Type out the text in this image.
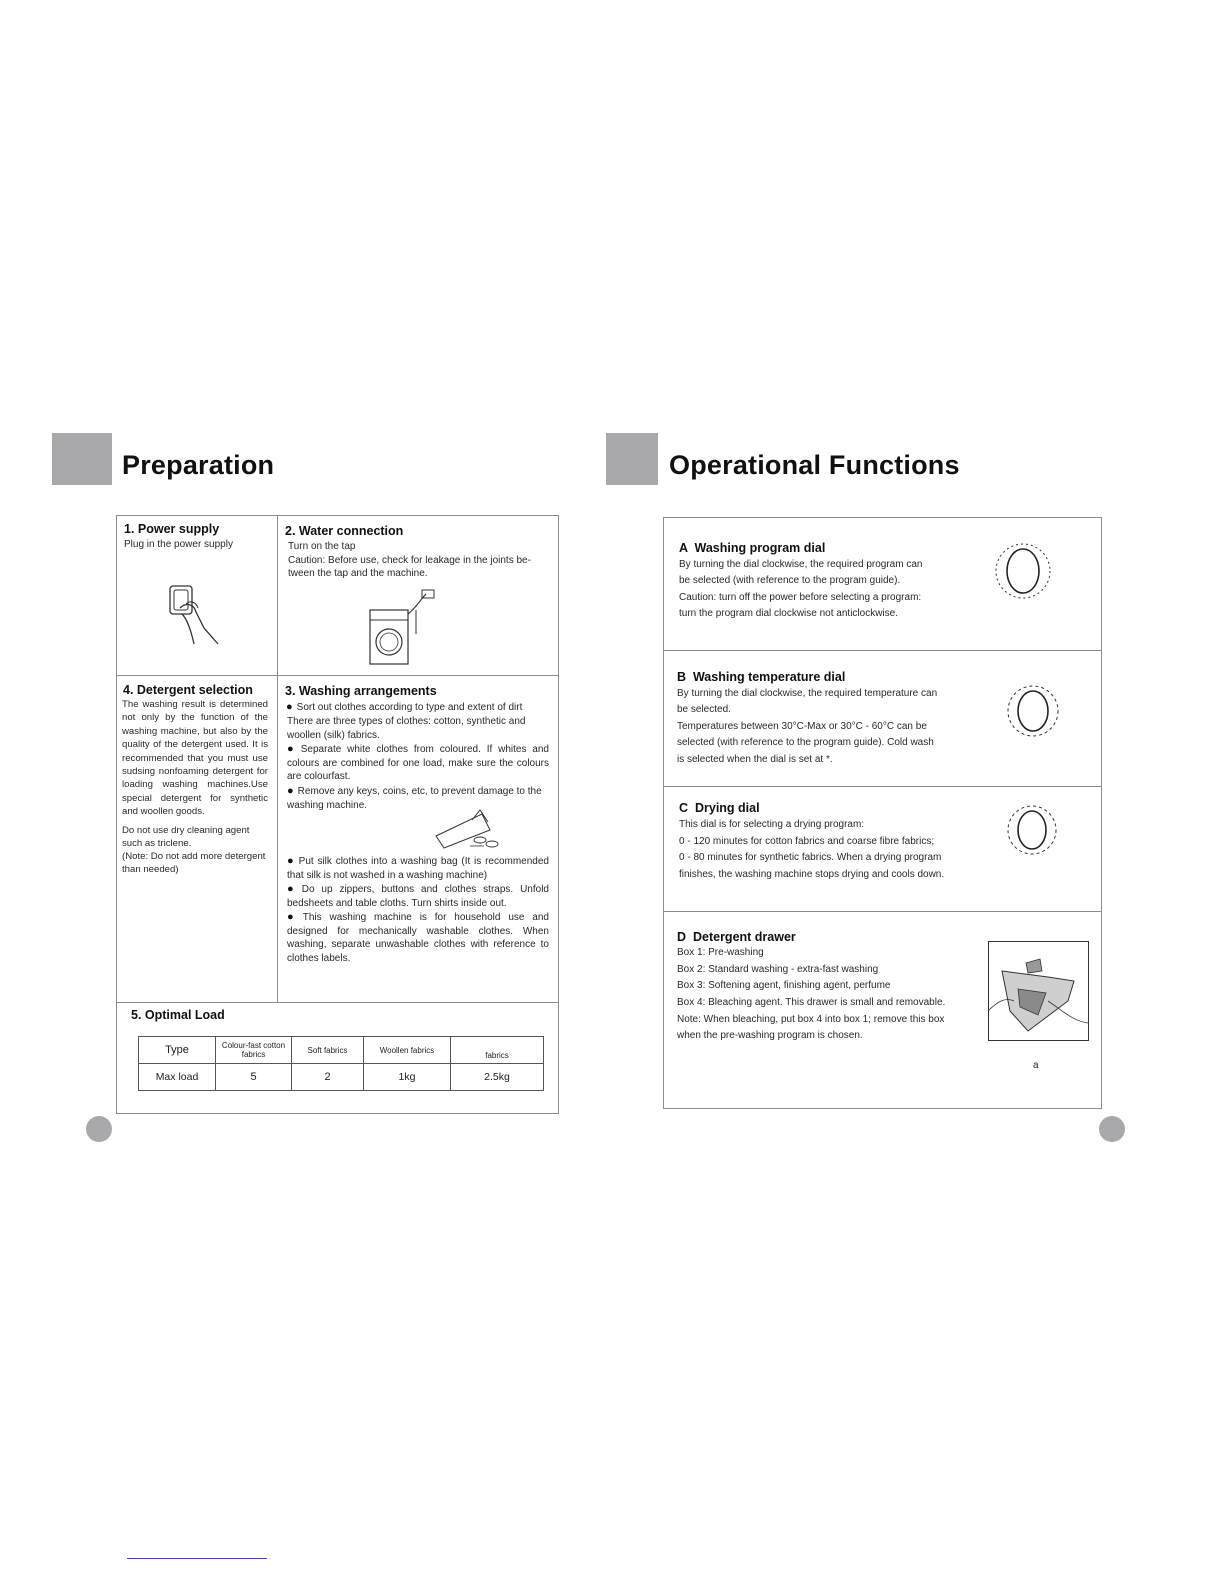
Preparation
1. Power supply
Plug in the power supply
2. Water connection
Turn on the tap
Caution: Before use, check for leakage in the joints be-
tween the tap and the machine.
4. Detergent selection
The washing result is determined not only by the function of the washing machine, but also by the quality of the detergent used. It is recommended that you must use sudsing nonfoaming detergent for loading washing machines.Use special detergent for synthetic and woollen goods.
Do not use dry cleaning agent such as triclene.
(Note: Do not add more detergent than needed)
3. Washing arrangements
● Sort out clothes according to type and extent of dirt
There are three types of clothes: cotton, synthetic and woollen (silk) fabrics.
● Separate white clothes from coloured. If whites and colours are combined for one load, make sure the colours are colourfast.
● Remove any keys, coins, etc, to prevent damage to the washing machine.
● Put silk clothes into a washing bag (It is recommended that silk is not washed in a washing machine)
● Do up zippers, buttons and clothes straps. Unfold bedsheets and table cloths. Turn shirts inside out.
● This washing machine is for household use and designed for mechanically washable clothes. When washing, separate unwashable clothes with reference to clothes labels.
5. Optimal Load
Type	Colour-fast cotton fabrics	Soft fabrics	Woollen fabrics	fabrics
Max load	5	2	1kg	2.5kg
Operational Functions
A  Washing program dial
By turning the dial clockwise, the required program can
be selected (with reference to the program guide).
Caution: turn off the power before selecting a program:
turn the program dial clockwise not anticlockwise.
B  Washing temperature dial
By turning the dial clockwise, the required temperature can
be selected.
Temperatures between 30°C-Max or 30°C - 60°C can be
selected (with reference to the program guide). Cold wash
is selected when the dial is set at *.
C  Drying dial
This dial is for selecting a drying program:
0 - 120 minutes for cotton fabrics and coarse fibre fabrics;
0 - 80 minutes for synthetic fabrics. When a drying program
finishes, the washing machine stops drying and cools down.
D  Detergent drawer
Box 1: Pre-washing
Box 2: Standard washing - extra-fast washing
Box 3: Softening agent, finishing agent, perfume
Box 4: Bleaching agent. This drawer is small and removable.
Note: When bleaching, put box 4 into box 1; remove this box
when the pre-washing program is chosen.
a
